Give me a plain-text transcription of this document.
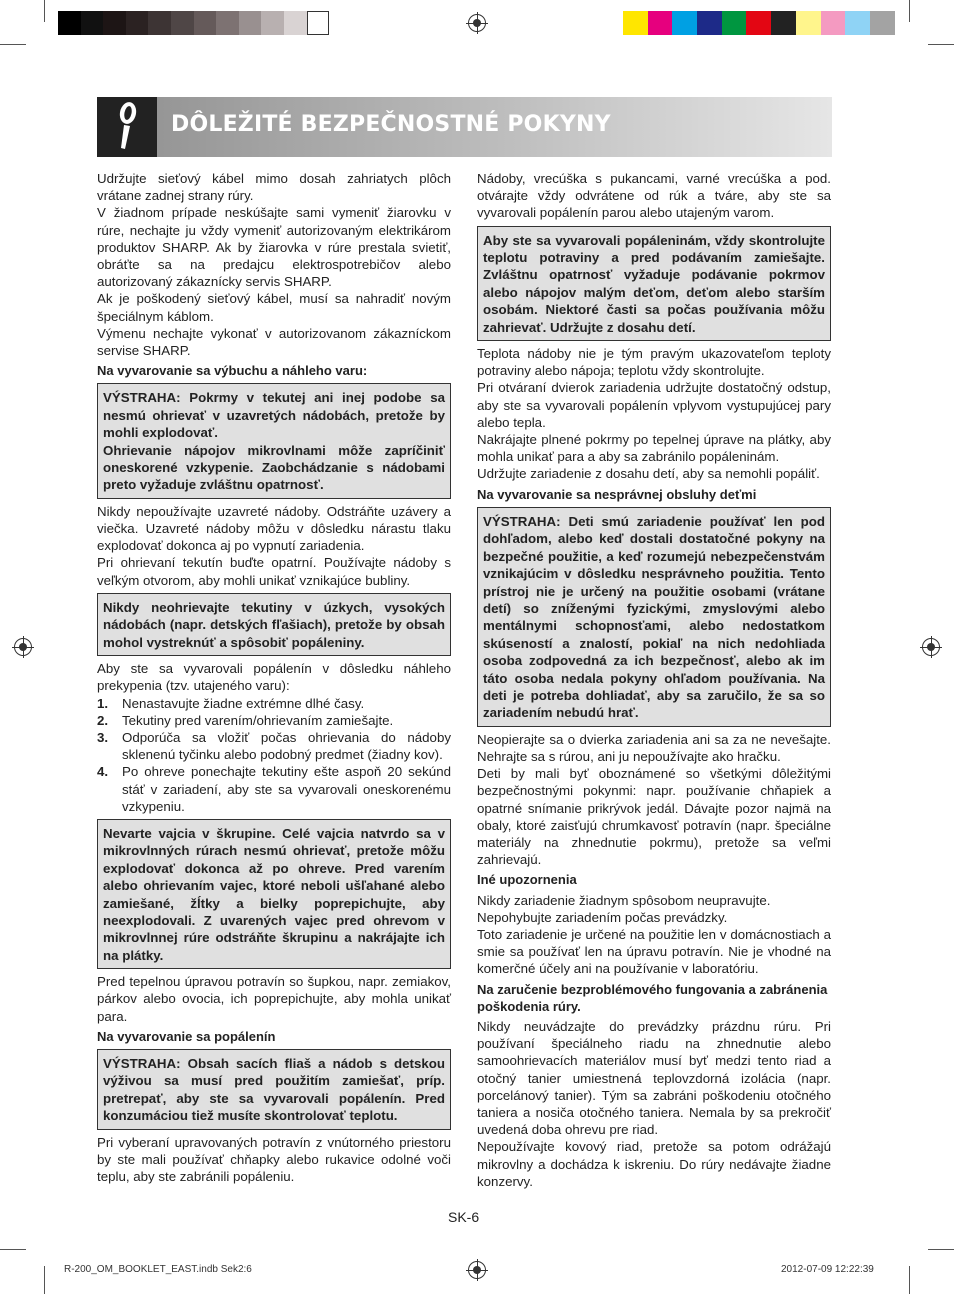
DÔLEŽITÉ BEZPEČNOSTNÉ POKYNY

Udržujte sieťový kábel mimo dosah zahriatych plôch vrátane zadnej strany rúry.

V žiadnom prípade neskúšajte sami vymeniť žiarovku v rúre, nechajte ju vždy vymeniť autorizovaným elektrikárom produktov SHARP. Ak by žiarovka v rúre prestala svietiť, obráťte sa na predajcu elektrospotrebičov alebo autorizovaný zákaznícky servis SHARP.

Ak je poškodený sieťový kábel, musí sa nahradiť novým špeciálnym káblom.

Výmenu nechajte vykonať v autorizovanom zákazníckom servise SHARP.

Na vyvarovanie sa výbuchu a náhleho varu:

VÝSTRAHA: Pokrmy v tekutej ani inej podobe sa nesmú ohrievať v uzavretých nádobách, pretože by mohli explodovať.

Ohrievanie nápojov mikrovlnami môže zapríčiniť oneskorené vzkypenie. Zaobchádzanie s nádobami preto vyžaduje zvláštnu opatrnosť.

Nikdy nepoužívajte uzavreté nádoby. Odstráňte uzávery a viečka. Uzavreté nádoby môžu v dôsledku nárastu tlaku explodovať dokonca aj po vypnutí zariadenia.

Pri ohrievaní tekutín buďte opatrní. Používajte nádoby s veľkým otvorom, aby mohli unikať vznikajúce bubliny.

Nikdy neohrievajte tekutiny v úzkych, vysokých nádobách (napr. detských fľašiach), pretože by obsah mohol vystreknúť a spôsobiť popáleniny.

Aby ste sa vyvarovali popálenín v dôsledku náhleho prekypenia (tzv. utajeného varu):

1. Nenastavujte žiadne extrémne dlhé časy.
2. Tekutiny pred varením/ohrievaním zamiešajte.
3. Odporúča sa vložiť počas ohrievania do nádoby sklenenú tyčinku alebo podobný predmet (žiadny kov).
4. Po ohreve ponechajte tekutiny ešte aspoň 20 sekúnd stáť v zariadení, aby ste sa vyvarovali oneskorenému vzkypeniu.

Nevarte vajcia v škrupine. Celé vajcia natvrdo sa v mikrovlnných rúrach nesmú ohrievať, pretože môžu explodovať dokonca až po ohreve. Pred varením alebo ohrievaním vajec, ktoré neboli ušľahané alebo zamiešané, žĺtky a bielky poprepichujte, aby neexplodovali. Z uvarených vajec pred ohrevom v mikrovlnnej rúre odstráňte škrupinu a nakrájajte ich na plátky.

Pred tepelnou úpravou potravín so šupkou, napr. zemiakov, párkov alebo ovocia, ich poprepichujte, aby mohla unikať para.

Na vyvarovanie sa popálenín

VÝSTRAHA: Obsah sacích fliaš a nádob s detskou výživou sa musí pred použitím zamiešať, príp. pretrepať, aby ste sa vyvarovali popálenín. Pred konzumáciou tiež musíte skontrolovať teplotu.

Pri vyberaní upravovaných potravín z vnútorného priestoru by ste mali používať chňapky alebo rukavice odolné voči teplu, aby ste zabránili popáleniu.

Nádoby, vrecúška s pukancami, varné vrecúška a pod. otvárajte vždy odvrátene od rúk a tváre, aby ste sa vyvarovali popálenín parou alebo utajeným varom.

Aby ste sa vyvarovali popáleninám, vždy skontrolujte teplotu potraviny a pred podávaním zamiešajte. Zvláštnu opatrnosť vyžaduje podávanie pokrmov alebo nápojov malým deťom, deťom alebo starším osobám. Niektoré časti sa počas používania môžu zahrievať. Udržujte z dosahu detí.

Teplota nádoby nie je tým pravým ukazovateľom teploty potraviny alebo nápoja; teplotu vždy skontrolujte.

Pri otváraní dvierok zariadenia udržujte dostatočný odstup, aby ste sa vyvarovali popálenín vplyvom vystupujúcej pary alebo tepla.

Nakrájajte plnené pokrmy po tepelnej úprave na plátky, aby mohla unikať para a aby sa zabránilo popáleninám.

Udržujte zariadenie z dosahu detí, aby sa nemohli popáliť.

Na vyvarovanie sa nesprávnej obsluhy deťmi

VÝSTRAHA: Deti smú zariadenie používať len pod dohľadom, alebo keď dostali dostatočné pokyny na bezpečné použitie, a keď rozumejú nebezpečenstvám vznikajúcim v dôsledku nesprávneho použitia. Tento prístroj nie je určený na použitie osobami (vrátane detí) so zníženými fyzickými, zmyslovými alebo mentálnymi schopnosťami, alebo nedostatkom skúseností a znalostí, pokiaľ na nich nedohliada osoba zodpovedná za ich bezpečnosť, alebo ak im táto osoba nedala pokyny ohľadom používania. Na deti je potreba dohliadať, aby sa zaručilo, že sa so zariadením nebudú hrať.

Neopierajte sa o dvierka zariadenia ani sa za ne nevešajte. Nehrajte sa s rúrou, ani ju nepoužívajte ako hračku.

Deti by mali byť oboznámené so všetkými dôležitými bezpečnostnými pokynmi: napr. používanie chňapiek a opatrné snímanie prikrývok jedál. Dávajte pozor najmä na obaly, ktoré zaisťujú chrumkavosť potravín (napr. špeciálne materiály na zhnednutie pokrmu), pretože sa veľmi zahrievajú.

Iné upozornenia

Nikdy zariadenie žiadnym spôsobom neupravujte.

Nepohybujte zariadením počas prevádzky.

Toto zariadenie je určené na použitie len v domácnostiach a smie sa používať len na úpravu potravín. Nie je vhodné na komerčné účely ani na používanie v laboratóriu.

Na zaručenie bezproblémového fungovania a zabránenia poškodenia rúry.

Nikdy neuvádzajte do prevádzky prázdnu rúru. Pri používaní špeciálneho riadu na zhnednutie alebo samoohrievacích materiálov musí byť medzi tento riad a otočný tanier umiestnená teplovzdorná izolácia (napr. porcelánový tanier). Tým sa zabráni poškodeniu otočného taniera a nosiča otočného taniera. Nemala by sa prekročiť uvedená doba ohrevu pre riad.

Nepoužívajte kovový riad, pretože sa potom odrážajú mikrovlny a dochádza k iskreniu. Do rúry nedávajte žiadne konzervy.

SK-6
R-200_OM_BOOKLET_EAST.indb Sek2:6	2012-07-09 12:22:39
